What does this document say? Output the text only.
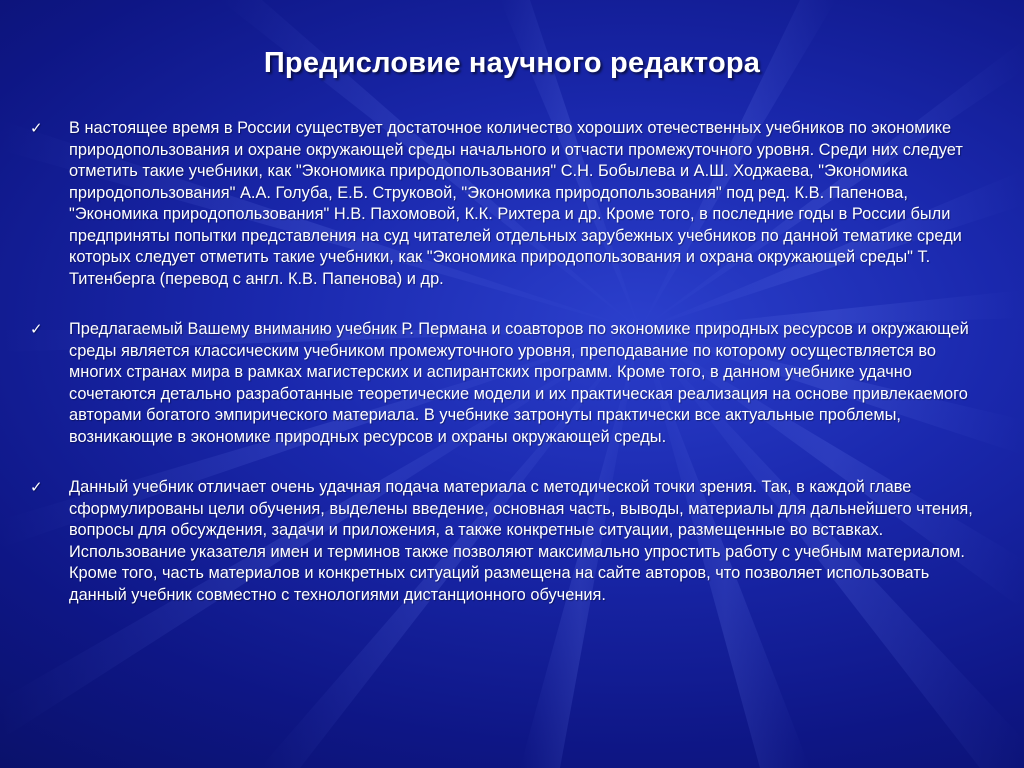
Предисловие научного редактора
✓ В настоящее время в России существует достаточное количество хороших отечественных учебников по экономике природопользования и охране окружающей среды начального и отчасти промежуточного уровня. Среди них следует отметить такие учебники, как "Экономика природопользования" С.Н. Бобылева и А.Ш. Ходжаева, "Экономика природопользования" А.А. Голуба, Е.Б. Струковой, "Экономика природопользования" под ред. К.В. Папенова, "Экономика природопользования" Н.В. Пахомовой, К.К. Рихтера и др. Кроме того, в последние годы в России были предприняты попытки представления на суд читателей отдельных зарубежных учебников по данной тематике среди которых следует отметить такие учебники, как "Экономика природопользования и охрана окружающей среды" Т. Титенберга (перевод с англ. К.В. Папенова) и др.
✓ Предлагаемый Вашему вниманию учебник Р. Пермана и соавторов по экономике природных ресурсов и окружающей среды является классическим учебником промежуточного уровня, преподавание по которому осуществляется во многих странах мира в рамках магистерских и аспирантских программ. Кроме того, в данном учебнике удачно сочетаются детально разработанные теоретические модели и их практическая реализация на основе привлекаемого авторами богатого эмпирического материала. В учебнике затронуты практически все актуальные проблемы, возникающие в экономике природных ресурсов и охраны окружающей среды.
✓ Данный учебник отличает очень удачная подача материала с методической точки зрения. Так, в каждой главе сформулированы цели обучения, выделены введение, основная часть, выводы, материалы для дальнейшего чтения, вопросы для обсуждения, задачи и приложения, а также конкретные ситуации, размещенные во вставках. Использование указателя имен и терминов также позволяют максимально упростить работу с учебным материалом. Кроме того, часть материалов и конкретных ситуаций размещена на сайте авторов, что позволяет использовать данный учебник совместно с технологиями дистанционного обучения.
